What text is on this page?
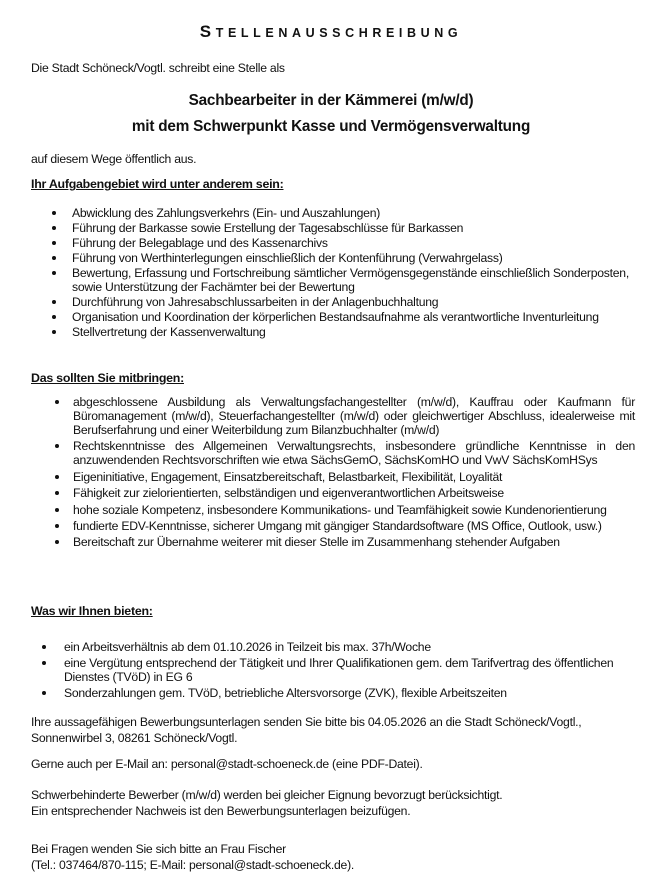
STELLENAUSSCHREIBUNG
Die Stadt Schöneck/Vogtl. schreibt eine Stelle als
Sachbearbeiter in der Kämmerei (m/w/d)
mit dem Schwerpunkt Kasse und Vermögensverwaltung
auf diesem Wege öffentlich aus.
Ihr Aufgabengebiet wird unter anderem sein:
Abwicklung des Zahlungsverkehrs (Ein- und Auszahlungen)
Führung der Barkasse sowie Erstellung der Tagesabschlüsse für Barkassen
Führung der Belegablage und des Kassenarchivs
Führung von Werthinterlegungen einschließlich der Kontenführung (Verwahrgelass)
Bewertung, Erfassung und Fortschreibung sämtlicher Vermögensgegenstände einschließlich Sonderposten, sowie Unterstützung der Fachämter bei der Bewertung
Durchführung von Jahresabschlussarbeiten in der Anlagenbuchhaltung
Organisation und Koordination der körperlichen Bestandsaufnahme als verantwortliche Inventurleitung
Stellvertretung der Kassenverwaltung
Das sollten Sie mitbringen:
abgeschlossene Ausbildung als Verwaltungsfachangestellter (m/w/d), Kauffrau oder Kaufmann für Büromanagement (m/w/d), Steuerfachangestellter (m/w/d) oder gleichwertiger Abschluss, idealerweise mit Berufserfahrung und einer Weiterbildung zum Bilanzbuchhalter (m/w/d)
Rechtskenntnisse des Allgemeinen Verwaltungsrechts, insbesondere gründliche Kenntnisse in den anzuwendenden Rechtsvorschriften wie etwa SächsGemO, SächsKomHO und VwV SächsKomHSys
Eigeninitiative, Engagement, Einsatzbereitschaft, Belastbarkeit, Flexibilität, Loyalität
Fähigkeit zur zielorientierten, selbständigen und eigenverantwortlichen Arbeitsweise
hohe soziale Kompetenz, insbesondere Kommunikations- und Teamfähigkeit sowie Kundenorientierung
fundierte EDV-Kenntnisse, sicherer Umgang mit gängiger Standardsoftware (MS Office, Outlook, usw.)
Bereitschaft zur Übernahme weiterer mit dieser Stelle im Zusammenhang stehender Aufgaben
Was wir Ihnen bieten:
ein Arbeitsverhältnis ab dem 01.10.2026 in Teilzeit bis max. 37h/Woche
eine Vergütung entsprechend der Tätigkeit und Ihrer Qualifikationen gem. dem Tarifvertrag des öffentlichen Dienstes (TVöD) in EG 6
Sonderzahlungen gem. TVöD, betriebliche Altersvorsorge (ZVK), flexible Arbeitszeiten
Ihre aussagefähigen Bewerbungsunterlagen senden Sie bitte bis 04.05.2026 an die Stadt Schöneck/Vogtl.,
Sonnenwirbel 3, 08261 Schöneck/Vogtl.
Gerne auch per E-Mail an: personal@stadt-schoeneck.de (eine PDF-Datei).
Schwerbehinderte Bewerber (m/w/d) werden bei gleicher Eignung bevorzugt berücksichtigt.
Ein entsprechender Nachweis ist den Bewerbungsunterlagen beizufügen.
Bei Fragen wenden Sie sich bitte an Frau Fischer
(Tel.: 037464/870-115; E-Mail: personal@stadt-schoeneck.de).
